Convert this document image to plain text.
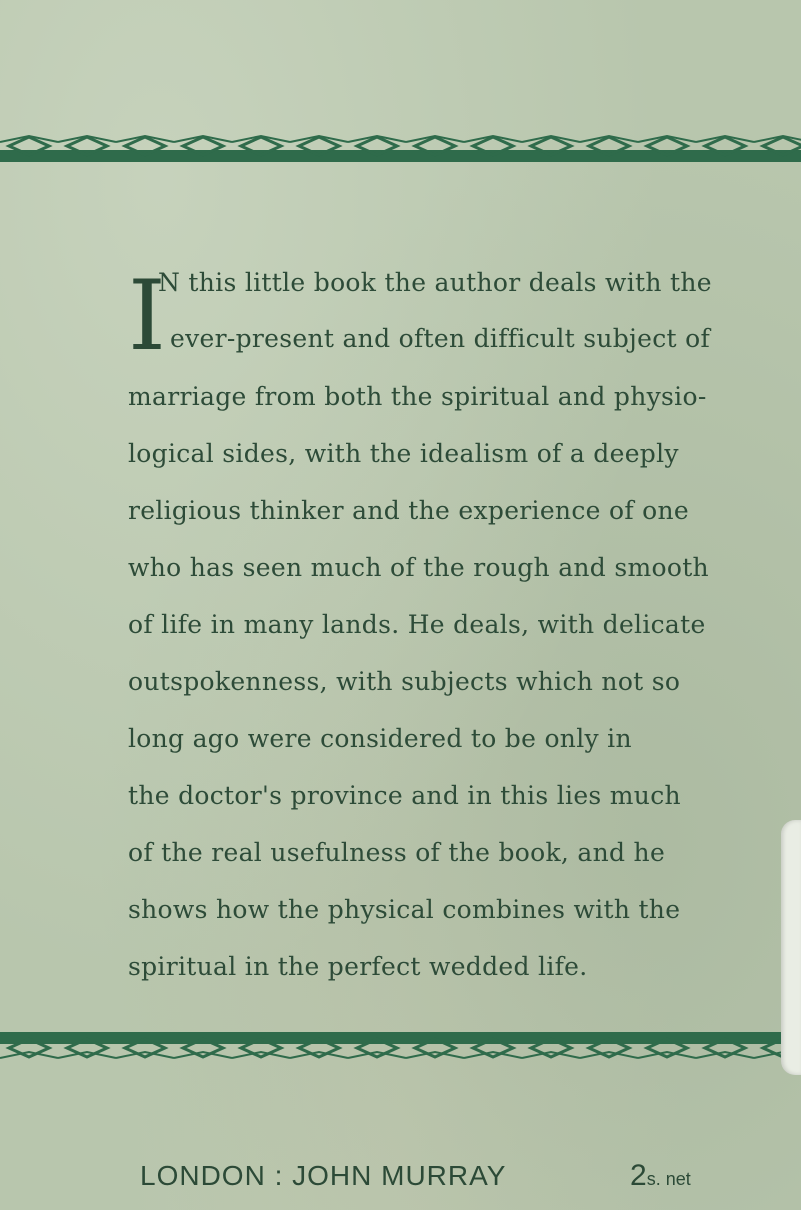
I
N this little book the author deals with the
ever-present and often difficult subject of
marriage from both the spiritual and physio-
logical sides, with the idealism of a deeply
religious thinker and the experience of one
who has seen much of the rough and smooth
of life in many lands. He deals, with delicate
outspokenness, with subjects which not so
long ago were considered to be only in
the doctor's province and in this lies much
of the real usefulness of the book, and he
shows how the physical combines with the
spiritual in the perfect wedded life.
LONDON : JOHN MURRAY	2s. net
